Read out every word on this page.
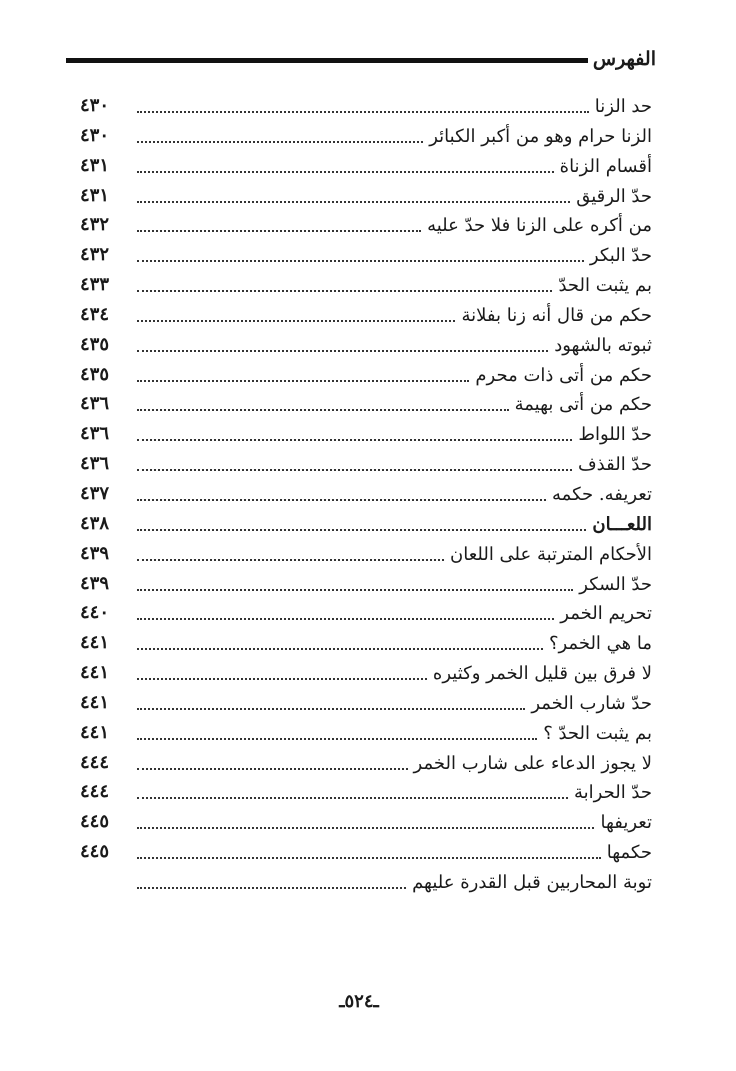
الفهرس
حد الزنا
٤٣٠
الزنا حرام وهو من أكبر الكبائر
٤٣٠
أقسام الزناة
٤٣١
حدّ الرقيق
٤٣١
من أكره على الزنا فلا حدّ عليه
٤٣٢
حدّ البكر
٤٣٢
بم يثبت الحدّ
٤٣٣
حكم من قال أنه زنا بفلانة
٤٣٤
ثبوته بالشهود
٤٣٥
حكم من أتى ذات محرم
٤٣٥
حكم من أتى بهيمة
٤٣٦
حدّ اللواط
٤٣٦
حدّ القذف
٤٣٦
تعريفه. حكمه
٤٣٧
اللعـــان
٤٣٨
الأحكام المترتبة على اللعان
٤٣٩
حدّ السكر
٤٣٩
تحريم الخمر
٤٤٠
ما هي الخمر؟
٤٤١
لا فرق بين قليل الخمر وكثيره
٤٤١
حدّ شارب الخمر
٤٤١
بم يثبت الحدّ ؟
٤٤١
لا يجوز الدعاء على شارب الخمر
٤٤٤
حدّ الحرابة
٤٤٤
تعريفها
٤٤٥
حكمها
٤٤٥
توبة المحاربين قبل القدرة عليهم
ـ٥٢٤ـ
